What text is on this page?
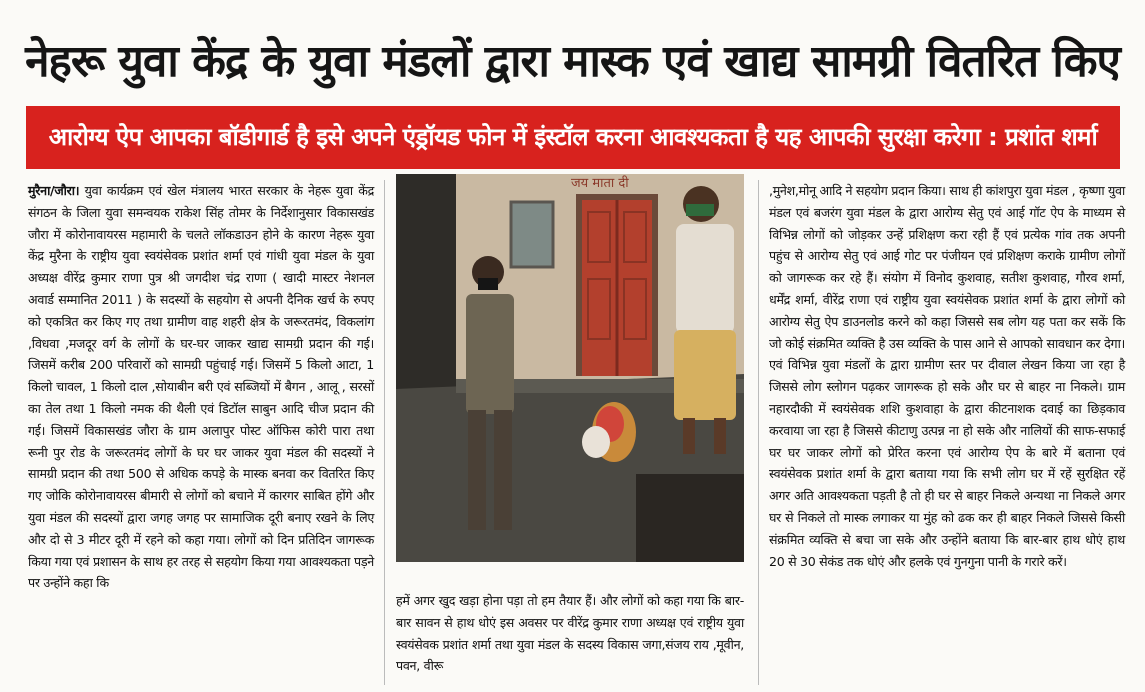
नेहरू युवा केंद्र के युवा मंडलों द्वारा मास्क एवं खाद्य सामग्री वितरित किए
आरोग्य ऐप आपका बॉडीगार्ड है इसे अपने एंड्रॉयड फोन में इंस्टॉल करना आवश्यकता है यह आपकी सुरक्षा करेगा : प्रशांत शर्मा
मुरैना/जौरा। युवा कार्यक्रम एवं खेल मंत्रालय भारत सरकार के नेहरू युवा केंद्र संगठन के जिला युवा समन्वयक राकेश सिंह तोमर के निर्देशानुसार विकासखंड जौरा में कोरोनावायरस महामारी के चलते लॉकडाउन होने के कारण नेहरू युवा केंद्र मुरैना के राष्ट्रीय युवा स्वयंसेवक प्रशांत शर्मा एवं गांधी युवा मंडल के युवा अध्यक्ष वीरेंद्र कुमार राणा पुत्र श्री जगदीश चंद्र राणा ( खादी मास्टर नेशनल अवार्ड सम्मानित 2011 ) के सदस्यों के सहयोग से अपनी दैनिक खर्च के रुपए को एकत्रित कर किए गए तथा ग्रामीण वाह शहरी क्षेत्र के जरूरतमंद, विकलांग ,विधवा ,मजदूर वर्ग के लोगों के घर-घर जाकर खाद्य सामग्री प्रदान की गई। जिसमें करीब 200 परिवारों को सामग्री पहुंचाई गई। जिसमें 5 किलो आटा, 1 किलो चावल, 1 किलो दाल ,सोयाबीन बरी एवं सब्जियों में बैगन , आलू , सरसों का तेल तथा 1 किलो नमक की थैली एवं डिटॉल साबुन आदि चीज प्रदान की गई। जिसमें विकासखंड जौरा के ग्राम अलापुर पोस्ट ऑफिस कोरी पारा तथा रूनी पुर रोड के जरूरतमंद लोगों के घर घर जाकर युवा मंडल की सदस्यों ने सामग्री प्रदान की तथा 500 से अधिक कपड़े के मास्क बनवा कर वितरित किए गए जोकि कोरोनावायरस बीमारी से लोगों को बचाने में कारगर साबित होंगे और युवा मंडल की सदस्यों द्वारा जगह जगह पर सामाजिक दूरी बनाए रखने के लिए और दो से 3 मीटर दूरी में रहने को कहा गया। लोगों को दिन प्रतिदिन जागरूक किया गया एवं प्रशासन के साथ हर तरह से सहयोग किया गया आवश्यकता पड़ने पर उन्होंने कहा कि
जय माता दी
हमें अगर खुद खड़ा होना पड़ा तो हम तैयार हैं। और लोगों को कहा गया कि बार-बार सावन से हाथ धोएं इस अवसर पर वीरेंद्र कुमार राणा अध्यक्ष एवं राष्ट्रीय युवा स्वयंसेवक प्रशांत शर्मा तथा युवा मंडल के सदस्य विकास जगा,संजय राय ,मूवीन, पवन, वीरू
,मुनेश,मोनू आदि ने सहयोग प्रदान किया। साथ ही कांशपुरा युवा मंडल , कृष्णा युवा मंडल एवं बजरंग युवा मंडल के द्वारा आरोग्य सेतु एवं आई गॉट ऐप के माध्यम से विभिन्न लोगों को जोड़कर उन्हें प्रशिक्षण करा रही हैं एवं प्रत्येक गांव तक अपनी पहुंच से आरोग्य सेतु एवं आई गोट पर पंजीयन एवं प्रशिक्षण कराके ग्रामीण लोगों को जागरूक कर रहे हैं। संयोग में विनोद कुशवाह, सतीश कुशवाह, गौरव शर्मा, धर्मेंद्र शर्मा, वीरेंद्र राणा एवं राष्ट्रीय युवा स्वयंसेवक प्रशांत शर्मा के द्वारा लोगों को आरोग्य सेतु ऐप डाउनलोड करने को कहा जिससे सब लोग यह पता कर सकें कि जो कोई संक्रमित व्यक्ति है उस व्यक्ति के पास आने से आपको सावधान कर देगा। एवं विभिन्न युवा मंडलों के द्वारा ग्रामीण स्तर पर दीवाल लेखन किया जा रहा है जिससे लोग स्लोगन पढ़कर जागरूक हो सके और घर से बाहर ना निकले। ग्राम नहारदौकी में स्वयंसेवक शशि कुशवाहा के द्वारा कीटनाशक दवाई का छिड़काव करवाया जा रहा है जिससे कीटाणु उत्पन्न ना हो सके और नालियों की साफ-सफाई घर घर जाकर लोगों को प्रेरित करना एवं आरोग्य ऐप के बारे में बताना एवं स्वयंसेवक प्रशांत शर्मा के द्वारा बताया गया कि सभी लोग घर में रहें सुरक्षित रहें अगर अति आवश्यकता पड़ती है तो ही घर से बाहर निकले अन्यथा ना निकले अगर घर से निकले तो मास्क लगाकर या मुंह को ढक कर ही बाहर निकले जिससे किसी संक्रमित व्यक्ति से बचा जा सके और उन्होंने बताया कि बार-बार हाथ धोएं हाथ 20 से 30 सेकंड तक धोएं और हलके एवं गुनगुना पानी के गरारे करें।
